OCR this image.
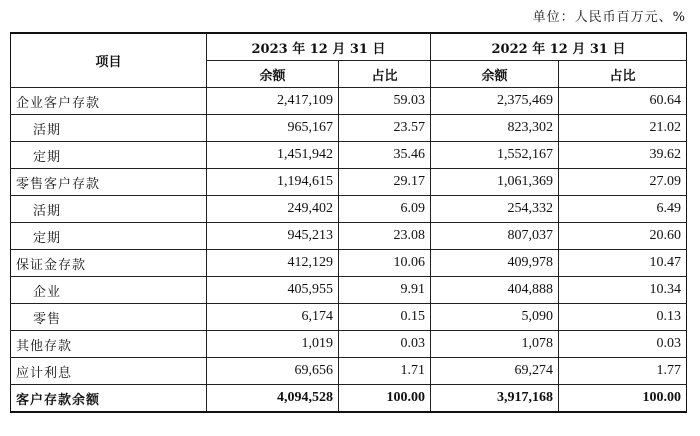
单位：人民币百万元、%
项目	2023 年 12 月 31 日		2022 年 12 月 31 日	
	余额	占比	余额	占比
企业客户存款	2,417,109	59.03	2,375,469	60.64
活期	965,167	23.57	823,302	21.02
定期	1,451,942	35.46	1,552,167	39.62
零售客户存款	1,194,615	29.17	1,061,369	27.09
活期	249,402	6.09	254,332	6.49
定期	945,213	23.08	807,037	20.60
保证金存款	412,129	10.06	409,978	10.47
企业	405,955	9.91	404,888	10.34
零售	6,174	0.15	5,090	0.13
其他存款	1,019	0.03	1,078	0.03
应计利息	69,656	1.71	69,274	1.77
客户存款余额	4,094,528	100.00	3,917,168	100.00
